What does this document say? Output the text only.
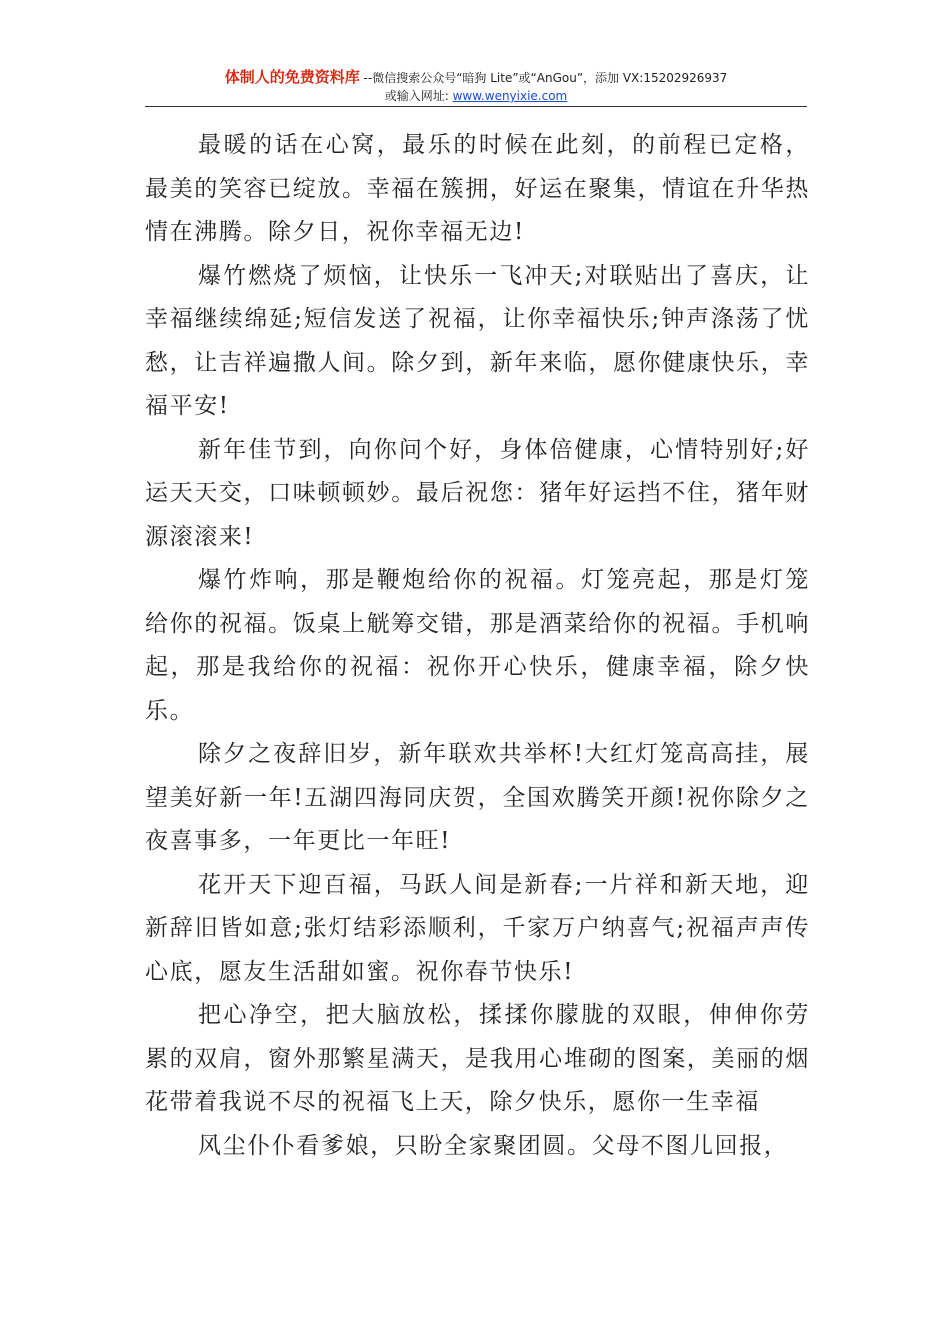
体制人的免费资料库 --微信搜索公众号“暗狗 Lite”或“AnGou”，添加 VX:15202926937
或输入网址: www.wenyixie.com

最暖的话在心窝，最乐的时候在此刻，的前程已定格，最美的笑容已绽放。幸福在簇拥，好运在聚集，情谊在升华热情在沸腾。除夕日，祝你幸福无边!

爆竹燃烧了烦恼，让快乐一飞冲天;对联贴出了喜庆，让幸福继续绵延;短信发送了祝福，让你幸福快乐;钟声涤荡了忧愁，让吉祥遍撒人间。除夕到，新年来临，愿你健康快乐，幸福平安!

新年佳节到，向你问个好，身体倍健康，心情特别好;好运天天交，口味顿顿妙。最后祝您：猪年好运挡不住，猪年财源滚滚来!

爆竹炸响，那是鞭炮给你的祝福。灯笼亮起，那是灯笼给你的祝福。饭桌上觥筹交错，那是酒菜给你的祝福。手机响起，那是我给你的祝福：祝你开心快乐，健康幸福，除夕快乐。

除夕之夜辞旧岁，新年联欢共举杯!大红灯笼高高挂，展望美好新一年!五湖四海同庆贺，全国欢腾笑开颜!祝你除夕之夜喜事多，一年更比一年旺!

花开天下迎百福，马跃人间是新春;一片祥和新天地，迎新辞旧皆如意;张灯结彩添顺利，千家万户纳喜气;祝福声声传心底，愿友生活甜如蜜。祝你春节快乐!

把心净空，把大脑放松，揉揉你朦胧的双眼，伸伸你劳累的双肩，窗外那繁星满天，是我用心堆砌的图案，美丽的烟花带着我说不尽的祝福飞上天，除夕快乐，愿你一生幸福

风尘仆仆看爹娘，只盼全家聚团圆。父母不图儿回报，
